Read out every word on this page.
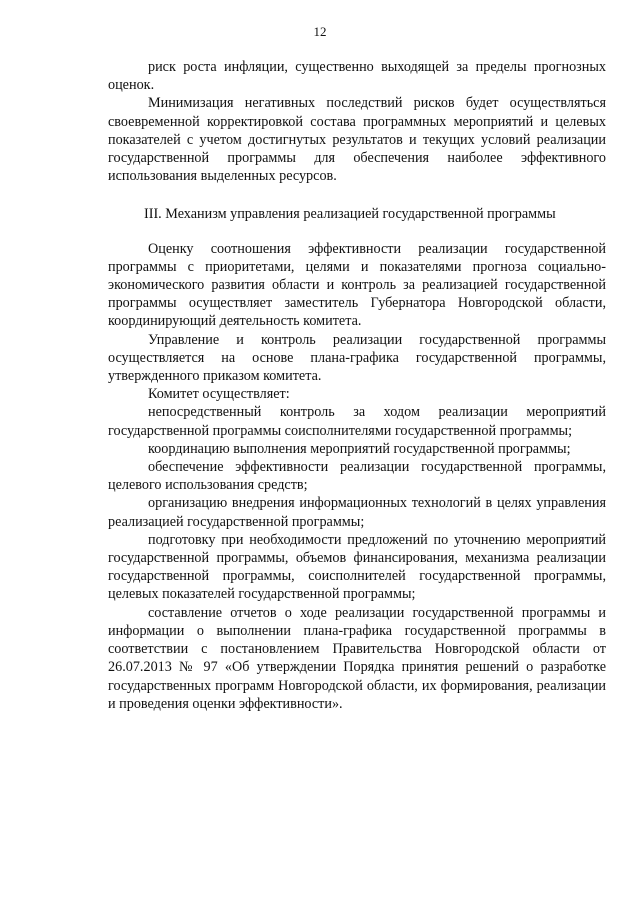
12

риск роста инфляции, существенно выходящей за пределы прогнозных оценок.

Минимизация негативных последствий рисков будет осуществляться своевременной корректировкой состава программных мероприятий и целевых показателей с учетом достигнутых результатов и текущих условий реализации государственной программы для обеспечения наиболее эффективного использования выделенных ресурсов.

III. Механизм управления реализацией государственной программы

Оценку соотношения эффективности реализации государственной программы с приоритетами, целями и показателями прогноза социально-экономического развития области и контроль за реализацией государственной программы осуществляет заместитель Губернатора Новгородской области, координирующий деятельность комитета.

Управление и контроль реализации государственной программы осуществляется на основе плана-графика государственной программы, утвержденного приказом комитета.

Комитет осуществляет:

непосредственный контроль за ходом реализации мероприятий государственной программы соисполнителями государственной программы;

координацию выполнения мероприятий государственной программы;

обеспечение эффективности реализации государственной программы, целевого использования средств;

организацию внедрения информационных технологий в целях управления реализацией государственной программы;

подготовку при необходимости предложений по уточнению мероприятий государственной программы, объемов финансирования, механизма реализации государственной программы, соисполнителей государственной программы, целевых показателей государственной программы;

составление отчетов о ходе реализации государственной программы и информации о выполнении плана-графика государственной программы в соответствии с постановлением Правительства Новгородской области от 26.07.2013 № 97 «Об утверждении Порядка принятия решений о разработке государственных программ Новгородской области, их формирования, реализации и проведения оценки эффективности».
